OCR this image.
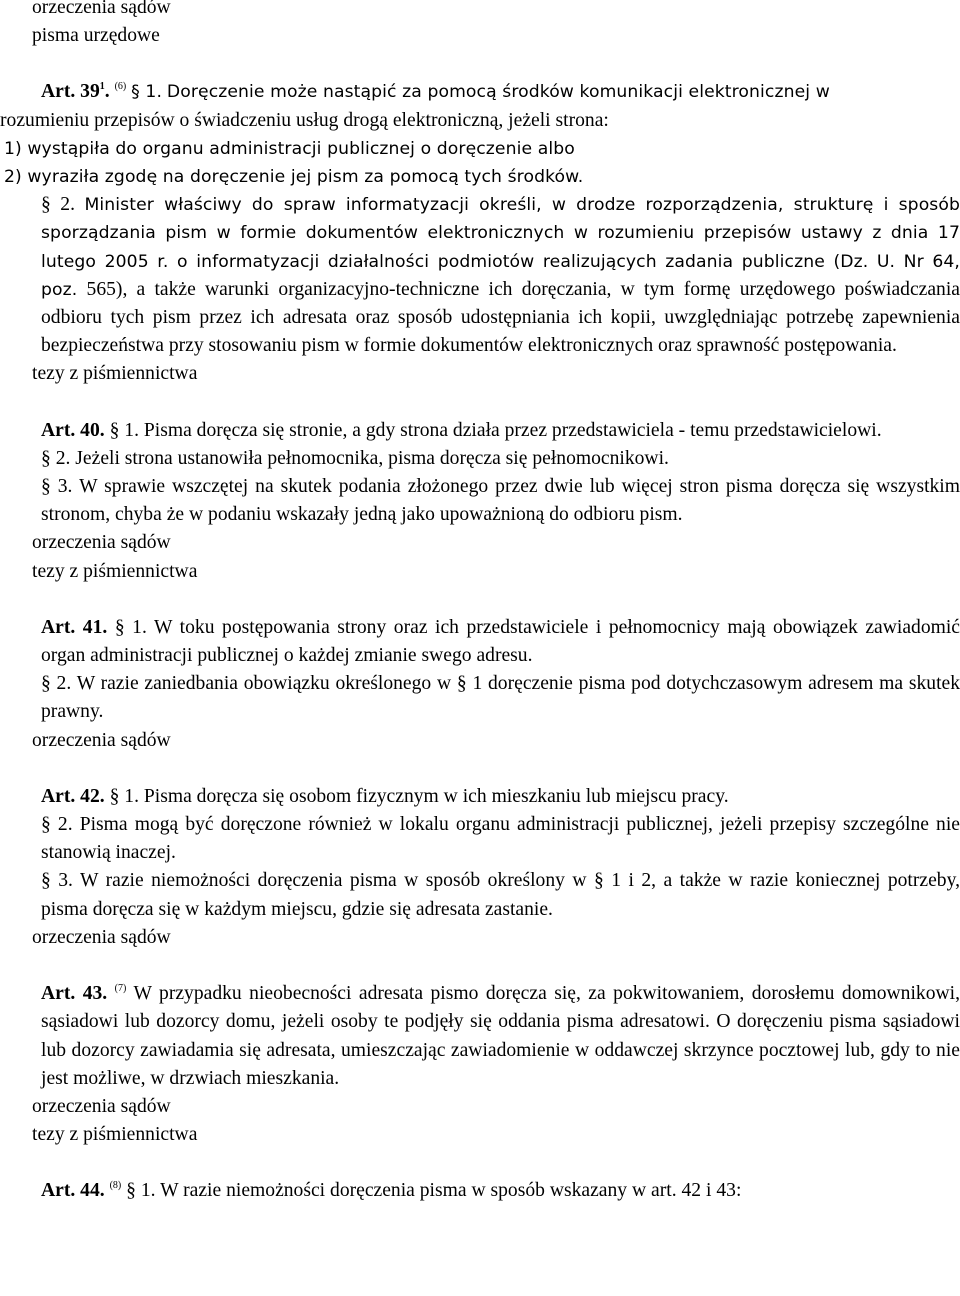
orzeczenia sądów
pisma urzędowe
Art. $39^1$. $^{(6)}$ § 1. Doręczenie może nastąpić za pomocą środków komunikacji elektronicznej w
rozumieniu przepisów o świadczeniu usług drogą elektroniczną, jeżeli strona:
1) wystąpiła do organu administracji publicznej o doręczenie albo
2) wyraziła zgodę na doręczenie jej pism za pomocą tych środków.
§ 2. Minister właściwy do spraw informatyzacji określi, w drodze rozporządzenia, strukturę i sposób sporządzania pism w formie dokumentów elektronicznych w rozumieniu przepisów ustawy z dnia 17 lutego 2005 r. o informatyzacji działalności podmiotów realizujących zadania publiczne (Dz. U. Nr 64, poz. 565), a także warunki organizacyjno-techniczne ich doręczania, w tym formę urzędowego poświadczania odbioru tych pism przez ich adresata oraz sposób udostępniania ich kopii, uwzględniając potrzebę zapewnienia bezpieczeństwa przy stosowaniu pism w formie dokumentów elektronicznych oraz sprawność postępowania.
tezy z piśmiennictwa
Art. 40. § 1. Pisma doręcza się stronie, a gdy strona działa przez przedstawiciela - temu przedstawicielowi.
§ 2. Jeżeli strona ustanowiła pełnomocnika, pisma doręcza się pełnomocnikowi.
§ 3. W sprawie wszczętej na skutek podania złożonego przez dwie lub więcej stron pisma doręcza się wszystkim stronom, chyba że w podaniu wskazały jedną jako upoważnioną do odbioru pism.
orzeczenia sądów
tezy z piśmiennictwa
Art. 41. § 1. W toku postępowania strony oraz ich przedstawiciele i pełnomocnicy mają obowiązek zawiadomić organ administracji publicznej o każdej zmianie swego adresu.
§ 2. W razie zaniedbania obowiązku określonego w § 1 doręczenie pisma pod dotychczasowym adresem ma skutek prawny.
orzeczenia sądów
Art. 42. § 1. Pisma doręcza się osobom fizycznym w ich mieszkaniu lub miejscu pracy.
§ 2. Pisma mogą być doręczone również w lokalu organu administracji publicznej, jeżeli przepisy szczególne nie stanowią inaczej.
§ 3. W razie niemożności doręczenia pisma w sposób określony w § 1 i 2, a także w razie koniecznej potrzeby, pisma doręcza się w każdym miejscu, gdzie się adresata zastanie.
orzeczenia sądów
Art. 43. $^{(7)}$ W przypadku nieobecności adresata pismo doręcza się, za pokwitowaniem, dorosłemu domownikowi, sąsiadowi lub dozorcy domu, jeżeli osoby te podjęły się oddania pisma adresatowi. O doręczeniu pisma sąsiadowi lub dozorcy zawiadamia się adresata, umieszczając zawiadomienie w oddawczej skrzynce pocztowej lub, gdy to nie jest możliwe, w drzwiach mieszkania.
orzeczenia sądów
tezy z piśmiennictwa
Art. 44. $^{(8)}$ § 1. W razie niemożności doręczenia pisma w sposób wskazany w art. 42 i 43:
